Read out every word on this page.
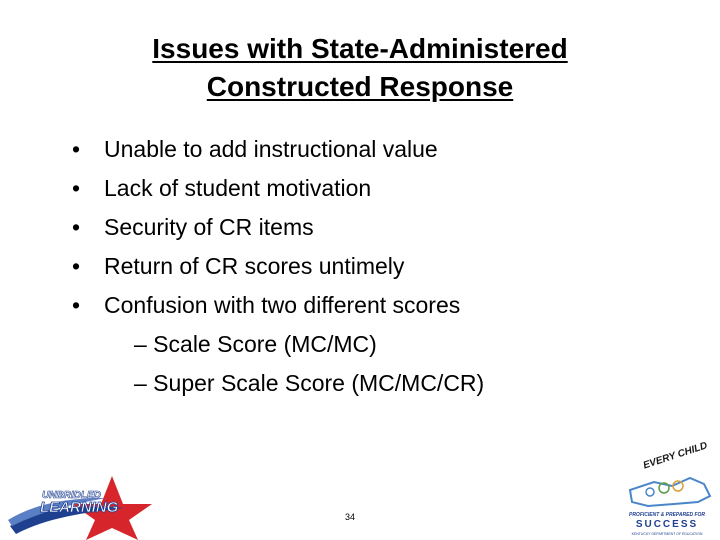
Issues with State-Administered
Constructed Response
•	Unable to add instructional value
•	Lack of student motivation
•	Security of CR items
•	Return of CR scores untimely
•	Confusion with two different scores
– Scale Score (MC/MC)
– Super Scale Score (MC/MC/CR)
UNBRIDLED
LEARNING
EVERY CHILD
PROFICIENT & PREPARED FOR
SUCCESS
KENTUCKY DEPARTMENT OF EDUCATION
34
